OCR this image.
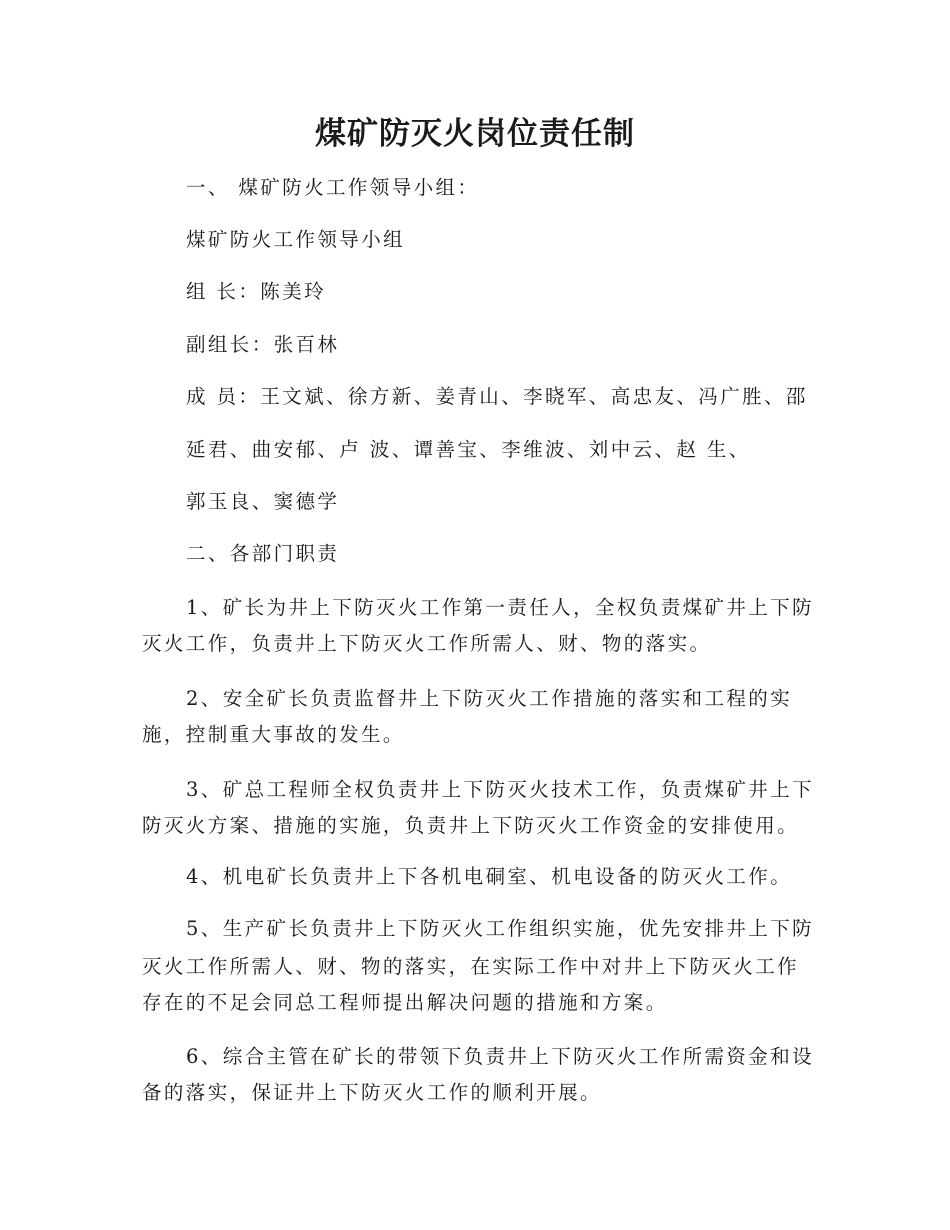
煤矿防灭火岗位责任制

一、 煤矿防火工作领导小组：

煤矿防火工作领导小组

组 长：陈美玲

副组长：张百林

成 员：王文斌、徐方新、姜青山、李晓军、高忠友、冯广胜、邵

延君、曲安郁、卢 波、谭善宝、李维波、刘中云、赵 生、

郭玉良、窦德学

二、各部门职责

1、矿长为井上下防灭火工作第一责任人，全权负责煤矿井上下防

灭火工作，负责井上下防灭火工作所需人、财、物的落实。

2、安全矿长负责监督井上下防灭火工作措施的落实和工程的实

施，控制重大事故的发生。

3、矿总工程师全权负责井上下防灭火技术工作，负责煤矿井上下

防灭火方案、措施的实施，负责井上下防灭火工作资金的安排使用。

4、机电矿长负责井上下各机电硐室、机电设备的防灭火工作。

5、生产矿长负责井上下防灭火工作组织实施，优先安排井上下防

灭火工作所需人、财、物的落实，在实际工作中对井上下防灭火工作

存在的不足会同总工程师提出解决问题的措施和方案。

6、综合主管在矿长的带领下负责井上下防灭火工作所需资金和设

备的落实，保证井上下防灭火工作的顺利开展。
